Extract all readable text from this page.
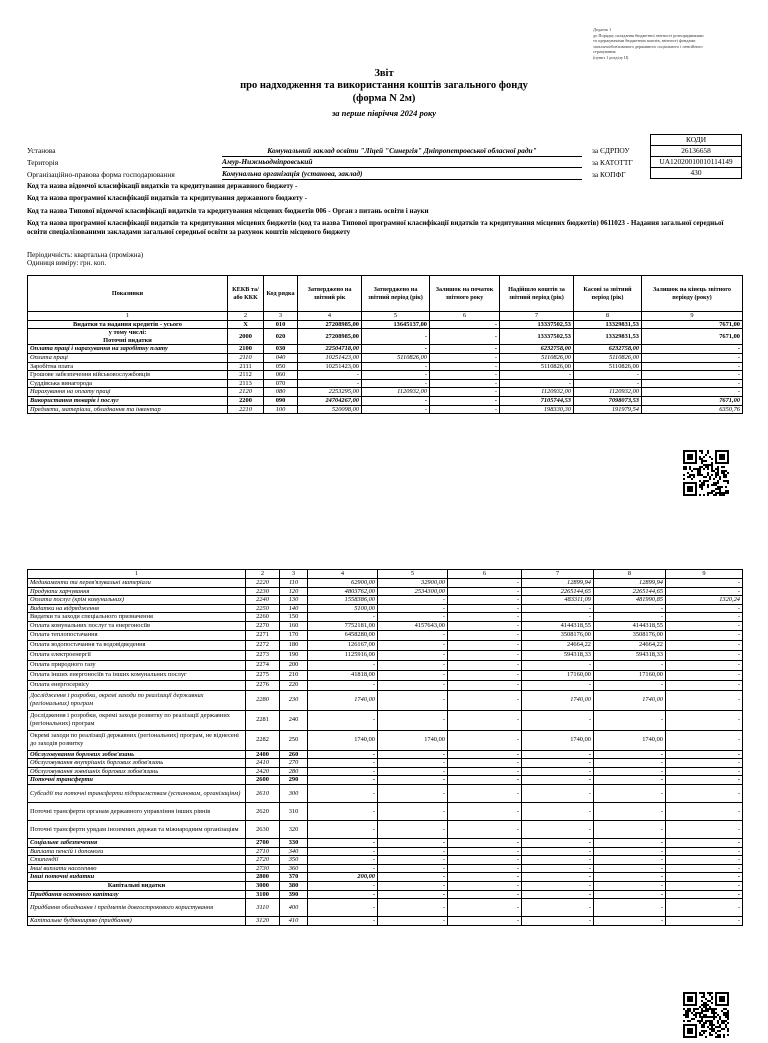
Додаток 1
до Порядку складання бюджетної звітності розпорядниками
та одержувачами бюджетних коштів, звітності фондами
загальнообов'язкового державного соціального і пенсійного
страхування
(пункт 1 розділу II)
Звіт
про надходження та використання коштів загального фонду
(форма N 2м)
за перше півріччя 2024 року
КОДИ
26136658
UA12020010010114149
430
Установа	Комунальний заклад освіти "Ліцей "Синергія" Дніпропетровської обласної ради"	за ЄДРПОУ
Територія	Амур-Нижньодніпровський	за КАТОТТГ
Організаційно-правова форма господарювання	Комунальна організація (установа, заклад)	за КОПФГ
Код та назва відомчої класифікації видатків та кредитування державного бюджету -
Код та назва програмної класифікації видатків та кредитування державного бюджету -
Код та назва Типової відомчої класифікації видатків та кредитування місцевих бюджетів 006 - Орган з питань освіти і науки
Код та назва програмної класифікації видатків та кредитування місцевих бюджетів (код та назва Типової програмної класифікації видатків та кредитування місцевих бюджетів) 0611023 - Надання загальної середньої освіти спеціалізованими закладами загальної середньої освіти за рахунок коштів місцевого бюджету
Періодичність: квартальна (проміжна)
Одиниця виміру: грн. коп.
Показники	КЕКВ та/або ККК	Код рядка	Затверджено на звітний рік	Затверджено на звітний період (рік)	Залишок на початок звітного року	Надійшло коштів за звітний період (рік)	Касові за звітний період (рік)	Залишок на кінець звітного періоду (року)
1	2	3	4	5	6	7	8	9
Видатки та надання кредитів - усього	X	010	27208985,00	13645137,00	-	13337502,53	13329831,53	7671,00
у тому числі:
Поточні видатки	2000	020	27208985,00	-	-	13337502,53	13329831,53	7671,00
Оплата праці і нарахування на заробітну плату	2100	030	22504718,00	-	-	6232758,00	6232758,00	-
Оплата праці	2110	040	10251423,00	5110826,00	-	5110826,00	5110826,00	-
Заробітна плата	2111	050	10251423,00	-	-	5110826,00	5110826,00	-
Грошове забезпечення військовослужбовців	2112	060	-	-	-	-	-	-
Суддівська винагорода	2113	070	-	-	-	-	-	-
Нарахування на оплату праці	2120	080	2253295,00	1120932,00	-	1120932,00	1120932,00	-
Використання товарів і послуг	2200	090	24704267,00	-	-	7105744,53	7098073,53	7671,00
Предмети, матеріали, обладнання та інвентар	2210	100	520098,00	-	-	198330,30	191979,54	6350,76
1	2	3	4	5	6	7	8	9
Медикаменти та перев'язувальні матеріали	2220	110	62900,00	32900,00	-	12899,94	12899,94	-
Продукти харчування	2230	120	4803762,00	2534300,00	-	2265144,65	2265144,65	-
Оплата послуг (крім комунальних)	2240	130	1558386,00	-	-	483311,09	481990,85	1320,24
Видатки на відрядження	2250	140	5100,00	-	-	-	-	-
Видатки та заходи спеціального призначення	2260	150	-	-	-	-	-	-
Оплата комунальних послуг та енергоносіїв	2270	160	7752181,00	4157643,00	-	4144318,55	4144318,55	-
Оплата теплопостачання	2271	170	6458280,00	-	-	3508176,00	3508176,00	-
Оплата водопостачання та водовідведення	2272	180	126167,00	-	-	24664,22	24664,22	-
Оплата електроенергії	2273	190	1125916,00	-	-	594318,33	594318,33	-
Оплата природного газу	2274	200	-	-	-	-	-	-
Оплата інших енергоносіїв та інших комунальних послуг	2275	210	41818,00	-	-	17160,00	17160,00	-
Оплата енергосервісу	2276	220	-	-	-	-	-	-
Дослідження і розробки, окремі заходи по реалізації державних (регіональних) програм	2280	230	1740,00	-	-	1740,00	1740,00	-
Дослідження і розробки, окремі заходи розвитку по реалізації державних (регіональних) програм	2281	240	-	-	-	-	-	-
Окремі заходи по реалізації державних (регіональних) програм, не віднесені до заходів розвитку	2282	250	1740,00	1740,00	-	1740,00	1740,00	-
Обслуговування боргових зобов'язань	2400	260	-	-	-	-	-	-
Обслуговування внутрішніх боргових зобов'язань	2410	270	-	-	-	-	-	-
Обслуговування зовнішніх боргових зобов'язань	2420	280	-	-	-	-	-	-
Поточні трансферти	2600	290	-	-	-	-	-	-
Субсидії та поточні трансферти підприємствам (установам, організаціям)	2610	300	-	-	-	-	-	-
Поточні трансферти органам державного управління інших рівнів	2620	310	-	-	-	-	-	-
Поточні трансферти урядам іноземних держав та міжнародним організаціям	2630	320	-	-	-	-	-	-
Соціальне забезпечення	2700	330	-	-	-	-	-	-
Виплата пенсій і допомоги	2710	340	-	-	-	-	-	-
Стипендії	2720	350	-	-	-	-	-	-
Інші виплати населенню	2730	360	-	-	-	-	-	-
Інші поточні видатки	2800	370	200,00	-	-	-	-	-
Капітальні видатки	3000	380	-	-	-	-	-	-
Придбання основного капіталу	3100	390	-	-	-	-	-	-
Придбання обладнання і предметів довгострокового користування	3110	400	-	-	-	-	-	-
Капітальне будівництво (придбання)	3120	410	-	-	-	-	-	-
